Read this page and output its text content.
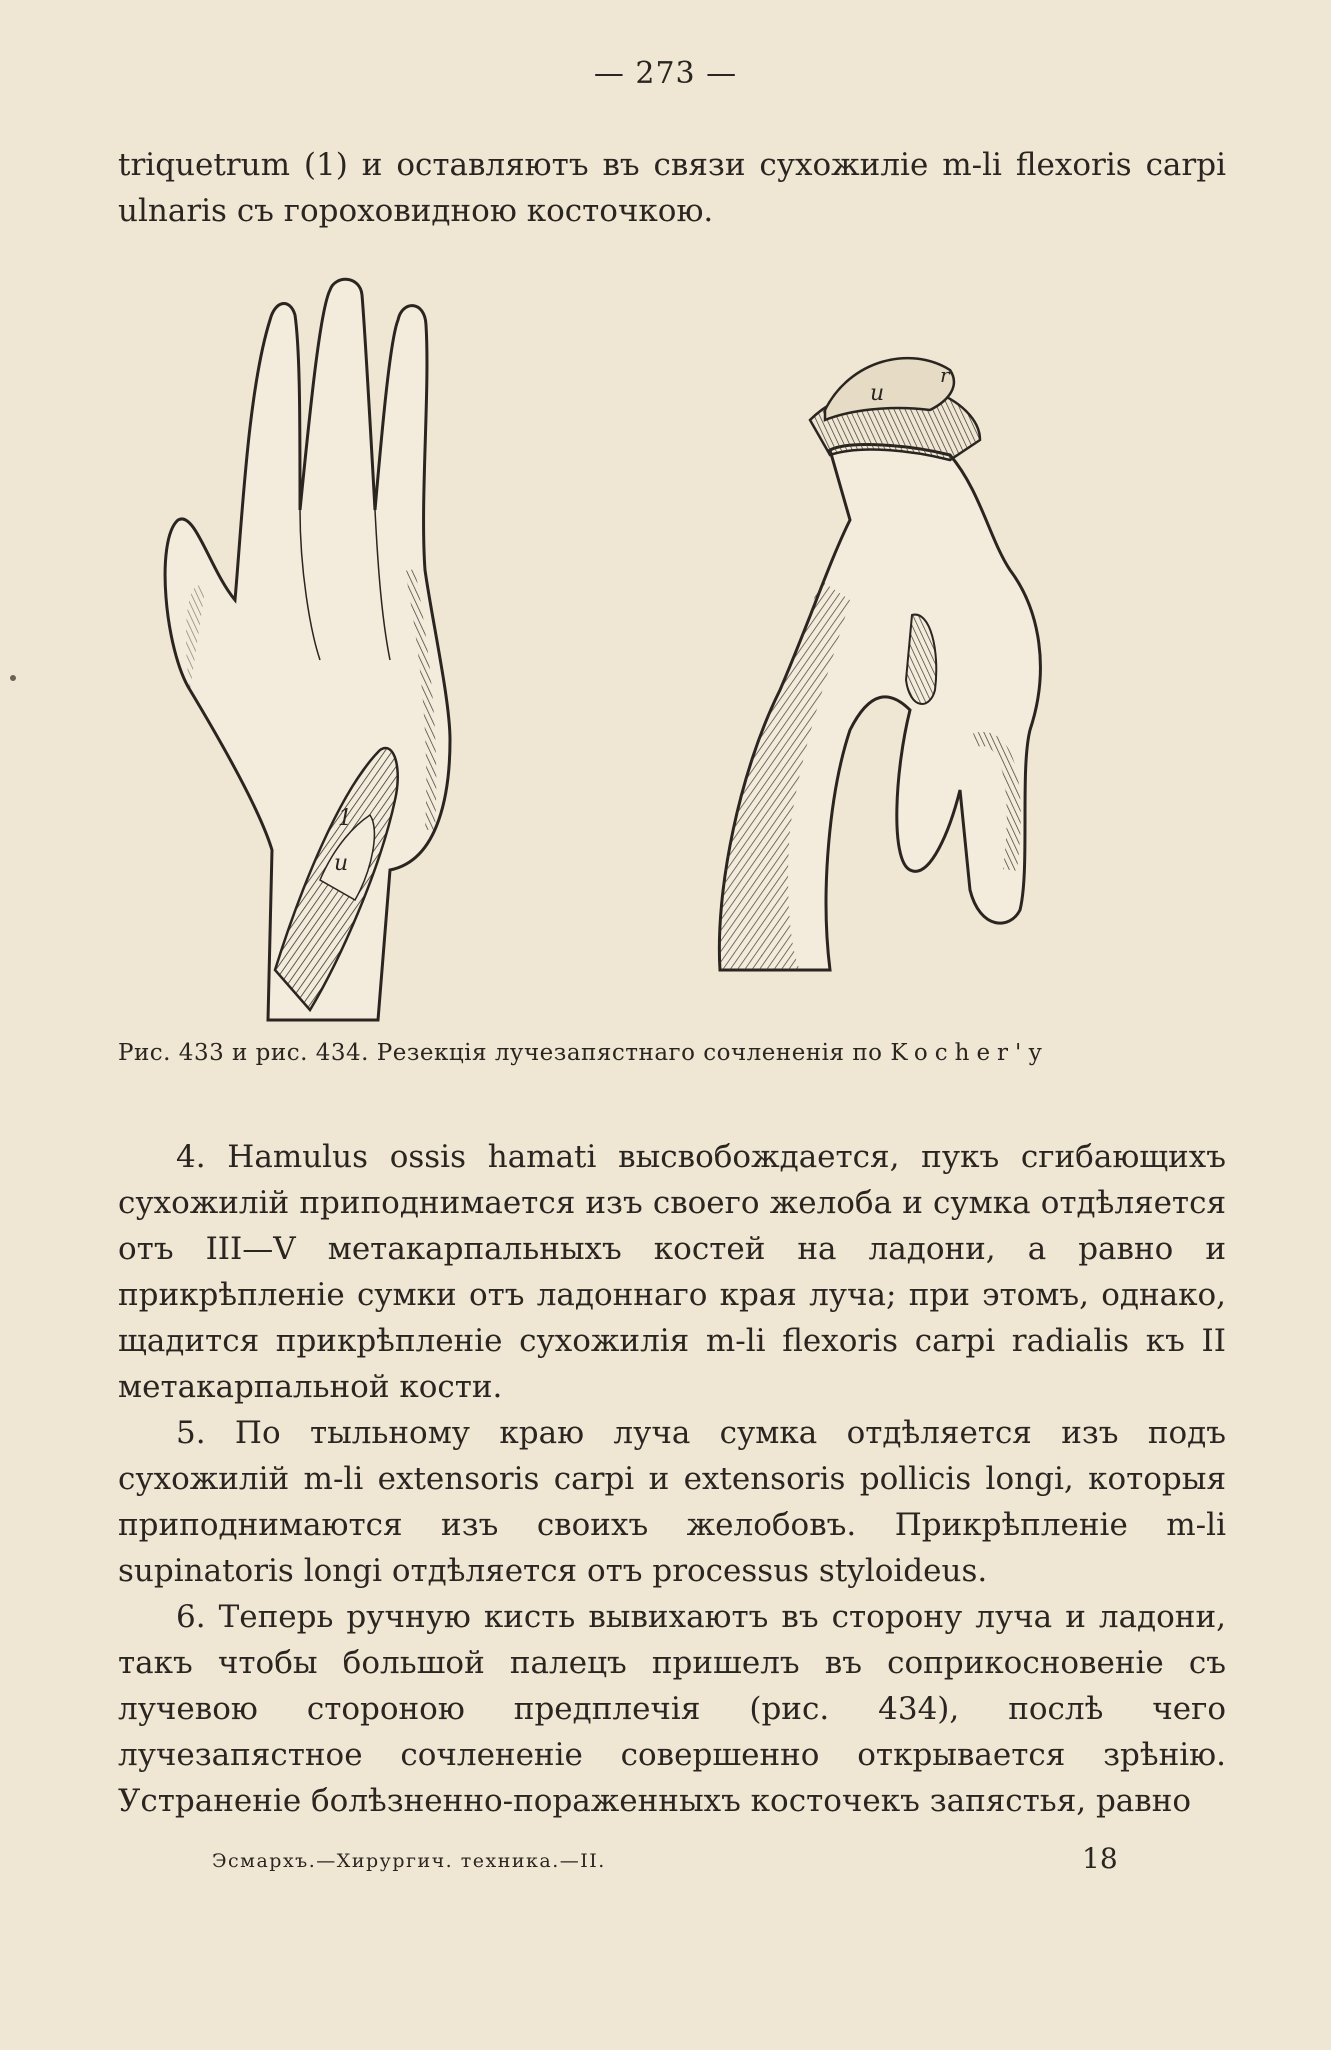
— 273 —

triquetrum (1) и оставляютъ въ связи сухожиліе m-li flexoris carpi ulnaris съ гороховидною косточкою.

1
u
u
r
Рис. 433 и рис. 434. Резекція лучезапястнаго сочлененія по Kocher'у

4. Hamulus ossis hamati высвобождается, пукъ сгибающихъ сухожилій приподнимается изъ своего желоба и сумка отдѣляется отъ III—V метакарпальныхъ костей на ладони, а равно и прикрѣпленіе сумки отъ ладоннаго края луча; при этомъ, однако, щадится прикрѣпленіе сухожилія m-li flexoris carpi radialis къ II метакарпальной кости.

5. По тыльному краю луча сумка отдѣляется изъ подъ сухожилій m-li extensoris carpi и extensoris pollicis longi, которыя приподнимаются изъ своихъ желобовъ. Прикрѣпленіе m-li supinatoris longi отдѣляется отъ processus styloideus.

6. Теперь ручную кисть вывихаютъ въ сторону луча и ладони, такъ чтобы большой палецъ пришелъ въ соприкосновеніе съ лучевою стороною предплечія (рис. 434), послѣ чего лучезапястное сочлененіе совершенно открывается зрѣнію. Устраненіе болѣзненно-пораженныхъ косточекъ запястья, равно

Эсмархъ.—Хирургич. техника.—II.	18
